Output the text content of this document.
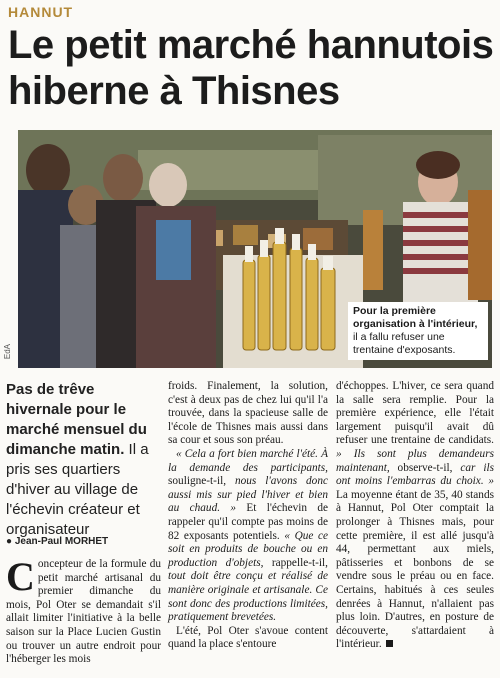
HANNUT
Le petit marché hannutois hiberne à Thisnes
EdA
Pour la première organisation à l'intérieur, il a fallu refuser une trentaine d'exposants.
Pas de trêve hivernale pour le marché mensuel du dimanche matin. Il a pris ses quartiers d'hiver au village de l'échevin créateur et organisateur
● Jean-Paul MORHET

Concepteur de la formule du petit marché artisanal du premier dimanche du mois, Pol Oter se demandait s'il allait limiter l'initiative à la belle saison sur la Place Lucien Gustin ou trouver un autre endroit pour l'héberger les mois

froids. Finalement, la solution, c'est à deux pas de chez lui qu'il l'a trouvée, dans la spacieuse salle de l'école de Thisnes mais aussi dans sa cour et sous son préau.

« Cela a fort bien marché l'été. À la demande des participants, souligne-t-il, nous l'avons donc aussi mis sur pied l'hiver et bien au chaud. » Et l'échevin de rappeler qu'il compte pas moins de 82 exposants potentiels. « Que ce soit en produits de bouche ou en production d'objets, rappelle-t-il, tout doit être conçu et réalisé de manière originale et artisanale. Ce sont donc des productions limitées, pratiquement brevetées.

L'été, Pol Oter s'avoue content quand la place s'entoure

d'échoppes. L'hiver, ce sera quand la salle sera remplie. Pour la première expérience, elle l'était largement puisqu'il avait dû refuser une trentaine de candidats. » Ils sont plus demandeurs maintenant, observe-t-il, car ils ont moins l'embarras du choix. » La moyenne étant de 35, 40 stands à Hannut, Pol Oter comptait la prolonger à Thisnes mais, pour cette première, il est allé jusqu'à 44, permettant aux miels, pâtisseries et bonbons de se vendre sous le préau ou en face. Certains, habitués à ces seules denrées à Hannut, n'allaient pas plus loin. D'autres, en posture de découverte, s'attardaient à l'intérieur.
